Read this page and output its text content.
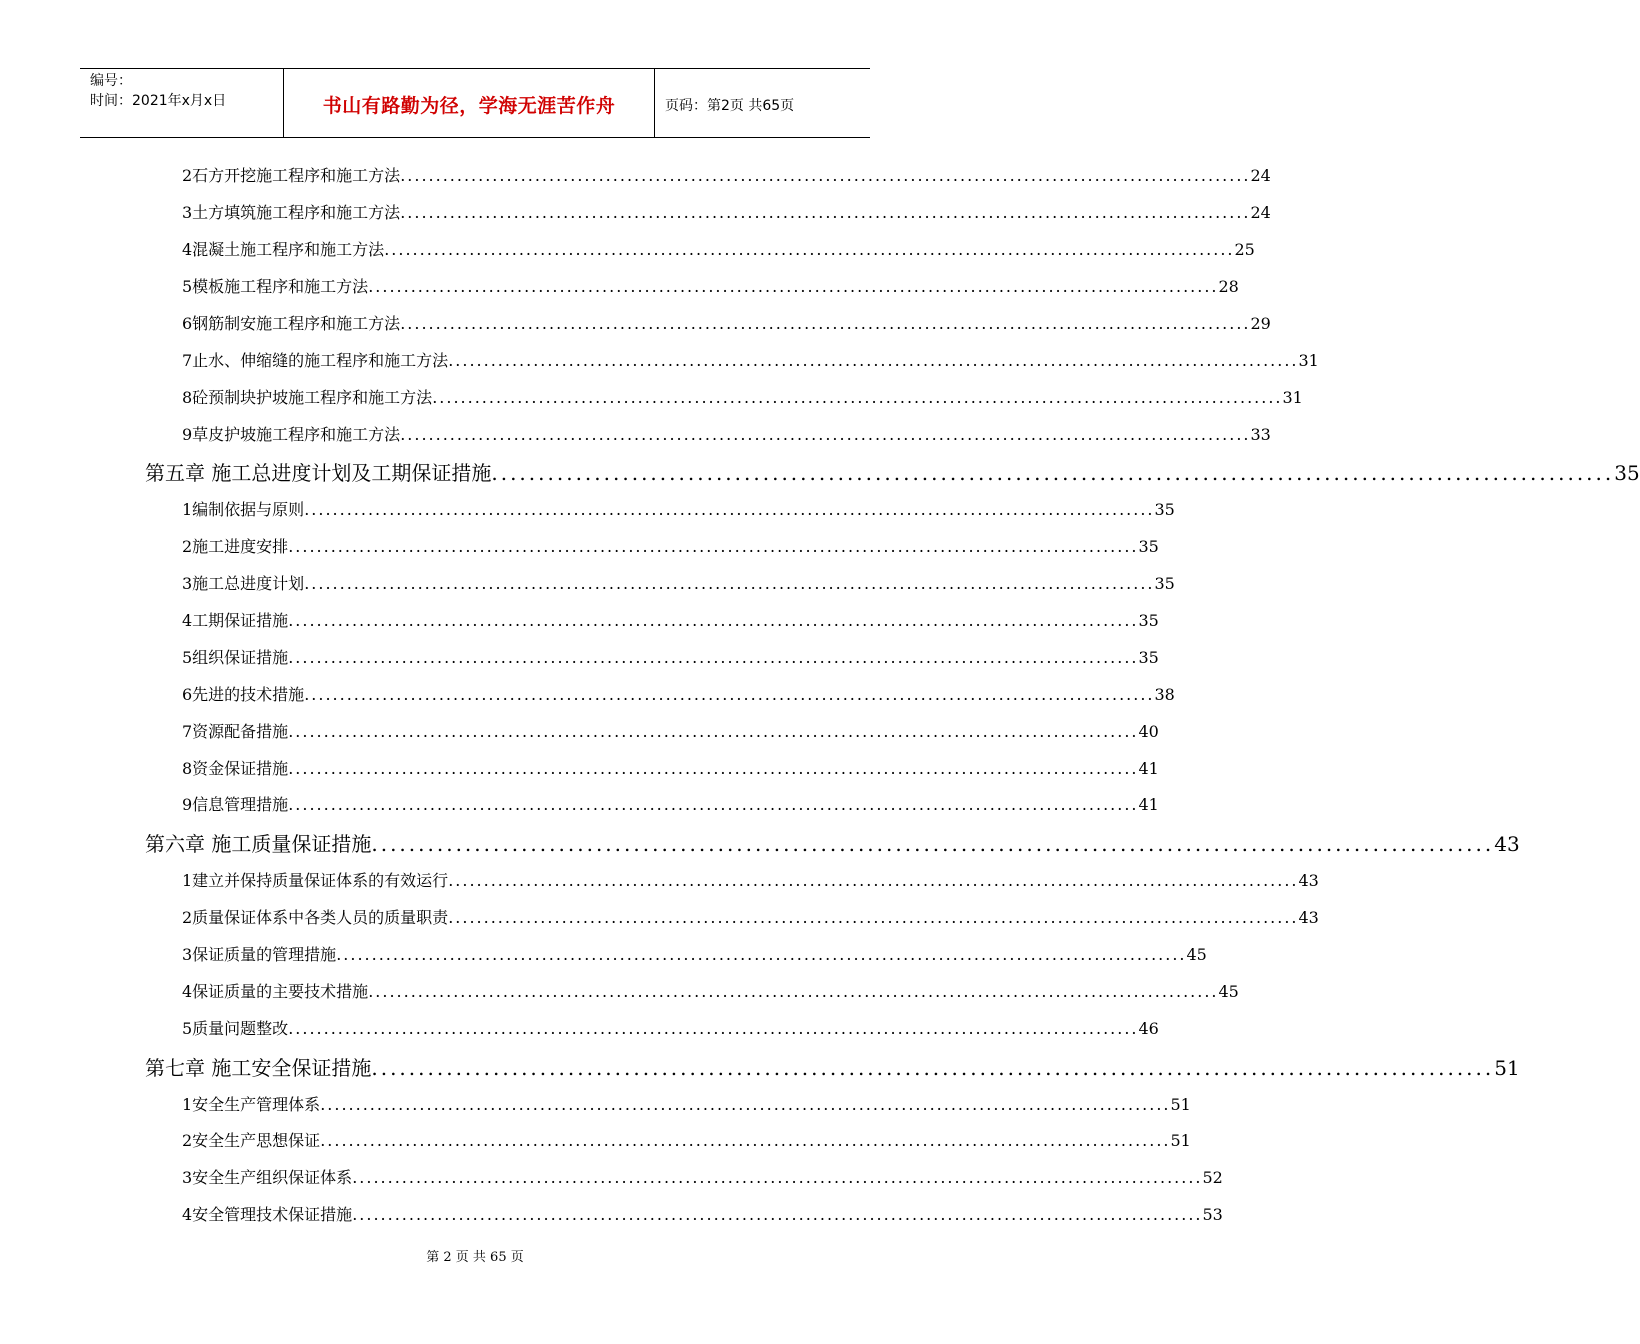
编号：
时间：2021年x月x日	书山有路勤为径，学海无涯苦作舟	页码：第2页 共65页
2石方开挖施工程序和施工方法 ........................................................................................................................ 24
3土方填筑施工程序和施工方法 ........................................................................................................................ 24
4混凝土施工程序和施工方法 ........................................................................................................................ 25
5模板施工程序和施工方法 ........................................................................................................................ 28
6钢筋制安施工程序和施工方法 ........................................................................................................................ 29
7止水、伸缩缝的施工程序和施工方法 ........................................................................................................................ 31
8砼预制块护坡施工程序和施工方法 ........................................................................................................................ 31
9草皮护坡施工程序和施工方法 ........................................................................................................................ 33
第五章 施工总进度计划及工期保证措施 ........................................................................................................................ 35
1编制依据与原则 ........................................................................................................................ 35
2施工进度安排 ........................................................................................................................ 35
3施工总进度计划 ........................................................................................................................ 35
4工期保证措施 ........................................................................................................................ 35
5组织保证措施 ........................................................................................................................ 35
6先进的技术措施 ........................................................................................................................ 38
7资源配备措施 ........................................................................................................................ 40
8资金保证措施 ........................................................................................................................ 41
9信息管理措施 ........................................................................................................................ 41
第六章 施工质量保证措施 ........................................................................................................................ 43
1建立并保持质量保证体系的有效运行 ........................................................................................................................ 43
2质量保证体系中各类人员的质量职责 ........................................................................................................................ 43
3保证质量的管理措施 ........................................................................................................................ 45
4保证质量的主要技术措施 ........................................................................................................................ 45
5质量问题整改 ........................................................................................................................ 46
第七章 施工安全保证措施 ........................................................................................................................ 51
1安全生产管理体系 ........................................................................................................................ 51
2安全生产思想保证 ........................................................................................................................ 51
3安全生产组织保证体系 ........................................................................................................................ 52
4安全管理技术保证措施 ........................................................................................................................ 53
第 2 页 共 65 页
